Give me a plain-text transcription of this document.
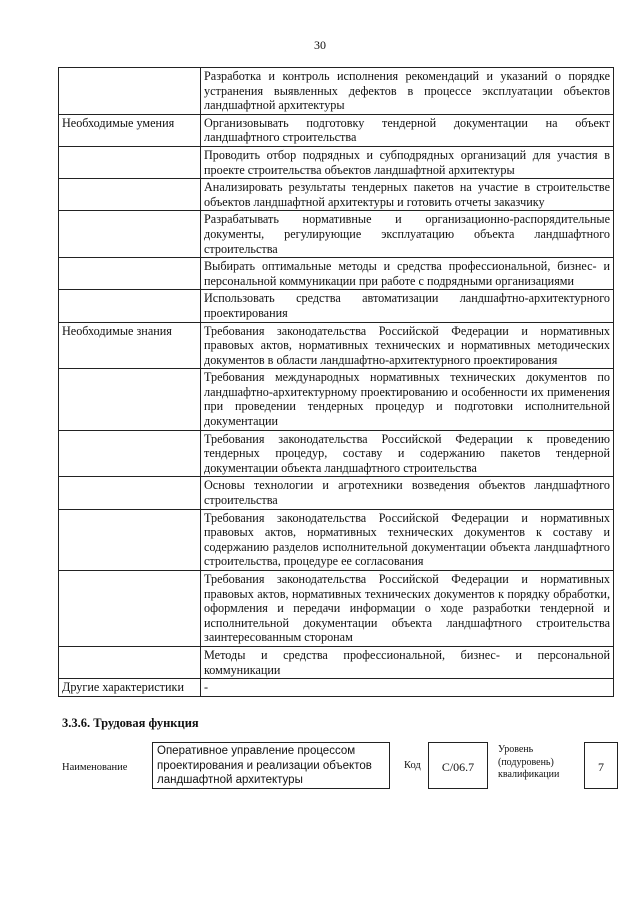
30
	Разработка и контроль исполнения рекомендаций и указаний о порядке устранения выявленных дефектов в процессе эксплуатации объектов ландшафтной архитектуры
Необходимые умения	Организовывать подготовку тендерной документации на объект ландшафтного строительства
	Проводить отбор подрядных и субподрядных организаций для участия в проекте строительства объектов ландшафтной архитектуры
	Анализировать результаты тендерных пакетов на участие в строительстве объектов ландшафтной архитектуры и готовить отчеты заказчику
	Разрабатывать нормативные и организационно-распорядительные документы, регулирующие эксплуатацию объекта ландшафтного строительства
	Выбирать оптимальные методы и средства профессиональной, бизнес- и персональной коммуникации при работе с подрядными организациями
	Использовать средства автоматизации ландшафтно-архитектурного проектирования
Необходимые знания	Требования законодательства Российской Федерации и нормативных правовых актов, нормативных технических и нормативных методических документов в области ландшафтно-архитектурного проектирования
	Требования международных нормативных технических документов по ландшафтно-архитектурному проектированию и особенности их применения при проведении тендерных процедур и подготовки исполнительной документации
	Требования законодательства Российской Федерации к проведению тендерных процедур, составу и содержанию пакетов тендерной документации объекта ландшафтного строительства
	Основы технологии и агротехники возведения объектов ландшафтного строительства
	Требования законодательства Российской Федерации и нормативных правовых актов, нормативных технических документов к составу и содержанию разделов исполнительной документации объекта ландшафтного строительства, процедуре ее согласования
	Требования законодательства Российской Федерации и нормативных правовых актов, нормативных технических документов к порядку обработки, оформления и передачи информации о ходе разработки тендерной и исполнительной документации объекта ландшафтного строительства заинтересованным сторонам
	Методы и средства профессиональной, бизнес- и персональной коммуникации
Другие характеристики	-
3.3.6. Трудовая функция
Наименование
Оперативное управление процессом проектирования и реализации объектов ландшафтной архитектуры
Код	C/06.7
Уровень (подуровень) квалификации
7
